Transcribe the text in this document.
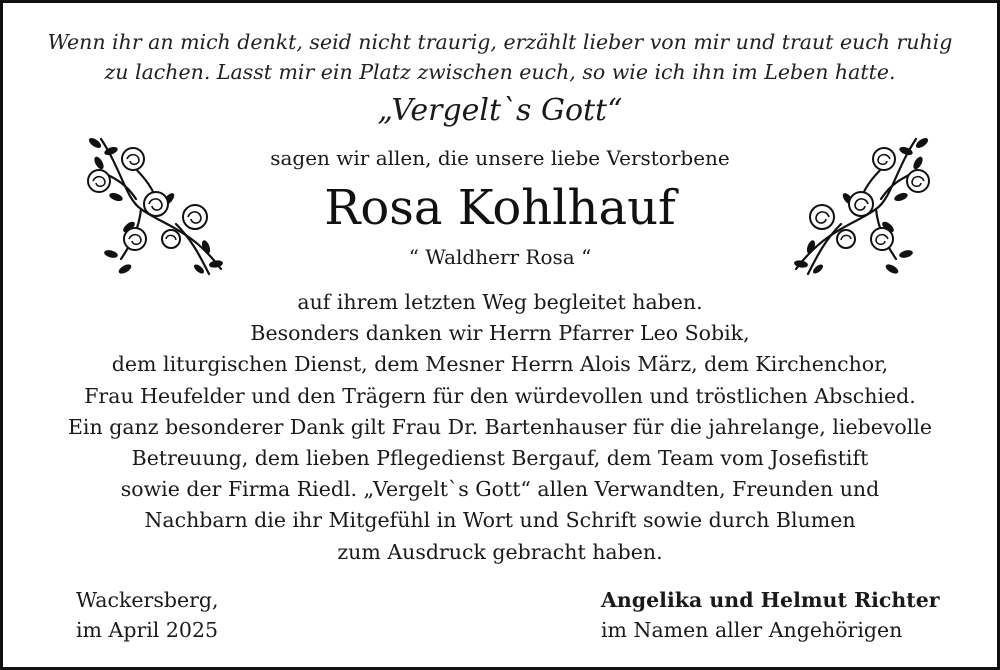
Wenn ihr an mich denkt, seid nicht traurig, erzählt lieber von mir und traut euch ruhig
zu lachen. Lasst mir ein Platz zwischen euch, so wie ich ihn im Leben hatte.
„Vergelt`s Gott“
sagen wir allen, die unsere liebe Verstorbene
Rosa Kohlhauf
“ Waldherr Rosa “
auf ihrem letzten Weg begleitet haben.
Besonders danken wir Herrn Pfarrer Leo Sobik,
dem liturgischen Dienst, dem Mesner Herrn Alois März, dem Kirchenchor,
Frau Heufelder und den Trägern für den würdevollen und tröstlichen Abschied.
Ein ganz besonderer Dank gilt Frau Dr. Bartenhauser für die jahrelange, liebevolle
Betreuung, dem lieben Pflegedienst Bergauf, dem Team vom Josefistift
sowie der Firma Riedl. „Vergelt`s Gott“ allen Verwandten, Freunden und
Nachbarn die ihr Mitgefühl in Wort und Schrift sowie durch Blumen
zum Ausdruck gebracht haben.
Wackersberg,
im April 2025
Angelika und Helmut Richter
im Namen aller Angehörigen
